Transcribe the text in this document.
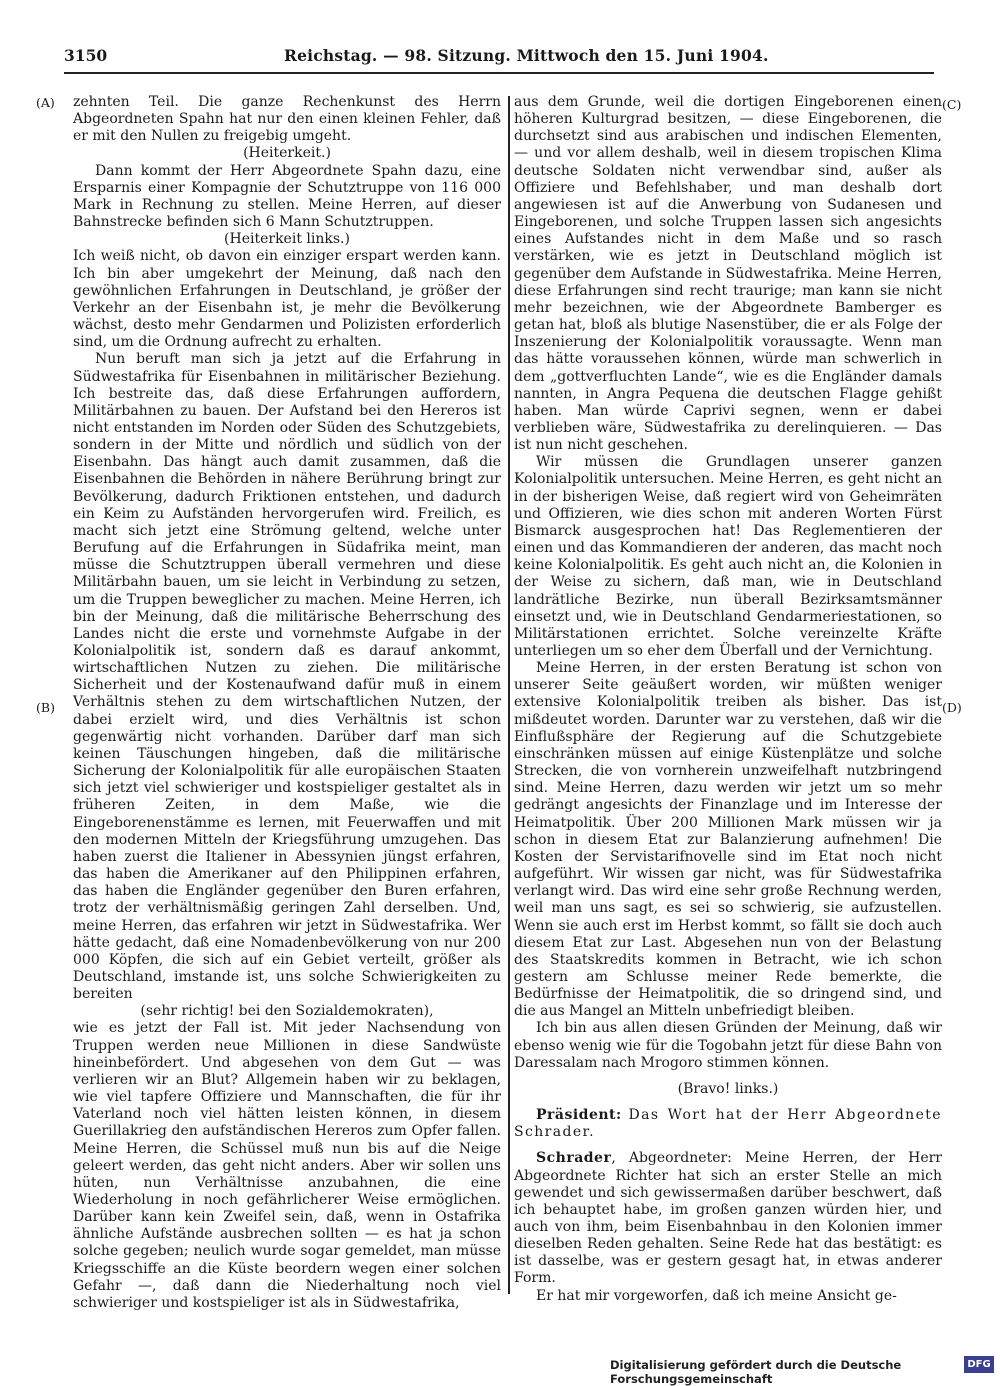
3150	Reichstag. — 98. Sitzung. Mittwoch den 15. Juni 1904.
(A)
(B)
(C)
(D)

zehnten Teil. Die ganze Rechenkunst des Herrn Abgeordneten Spahn hat nur den einen kleinen Fehler, daß er mit den Nullen zu freigebig umgeht.

(Heiterkeit.)

Dann kommt der Herr Abgeordnete Spahn dazu, eine Ersparnis einer Kompagnie der Schutztruppe von 116 000 Mark in Rechnung zu stellen. Meine Herren, auf dieser Bahnstrecke befinden sich 6 Mann Schutztruppen.

(Heiterkeit links.)

Ich weiß nicht, ob davon ein einziger erspart werden kann. Ich bin aber umgekehrt der Meinung, daß nach den gewöhnlichen Erfahrungen in Deutschland, je größer der Verkehr an der Eisenbahn ist, je mehr die Bevölkerung wächst, desto mehr Gendarmen und Polizisten erforderlich sind, um die Ordnung aufrecht zu erhalten.

Nun beruft man sich ja jetzt auf die Erfahrung in Südwestafrika für Eisenbahnen in militärischer Beziehung. Ich bestreite das, daß diese Erfahrungen auffordern, Militärbahnen zu bauen. Der Aufstand bei den Hereros ist nicht entstanden im Norden oder Süden des Schutzgebiets, sondern in der Mitte und nördlich und südlich von der Eisenbahn. Das hängt auch damit zusammen, daß die Eisenbahnen die Behörden in nähere Berührung bringt zur Bevölkerung, dadurch Friktionen entstehen, und dadurch ein Keim zu Aufständen hervorgerufen wird. Freilich, es macht sich jetzt eine Strömung geltend, welche unter Berufung auf die Erfahrungen in Südafrika meint, man müsse die Schutztruppen überall vermehren und diese Militärbahn bauen, um sie leicht in Verbindung zu setzen, um die Truppen beweglicher zu machen. Meine Herren, ich bin der Meinung, daß die militärische Beherrschung des Landes nicht die erste und vornehmste Aufgabe in der Kolonialpolitik ist, sondern daß es darauf ankommt, wirtschaftlichen Nutzen zu ziehen. Die militärische Sicherheit und der Kostenaufwand dafür muß in einem Verhältnis stehen zu dem wirtschaftlichen Nutzen, der dabei erzielt wird, und dies Verhältnis ist schon gegenwärtig nicht vorhanden. Darüber darf man sich keinen Täuschungen hingeben, daß die militärische Sicherung der Kolonialpolitik für alle europäischen Staaten sich jetzt viel schwieriger und kostspieliger gestaltet als in früheren Zeiten, in dem Maße, wie die Eingeborenenstämme es lernen, mit Feuerwaffen und mit den modernen Mitteln der Kriegsführung umzugehen. Das haben zuerst die Italiener in Abessynien jüngst erfahren, das haben die Amerikaner auf den Philippinen erfahren, das haben die Engländer gegenüber den Buren erfahren, trotz der verhältnismäßig geringen Zahl derselben. Und, meine Herren, das erfahren wir jetzt in Südwestafrika. Wer hätte gedacht, daß eine Nomadenbevölkerung von nur 200 000 Köpfen, die sich auf ein Gebiet verteilt, größer als Deutschland, imstande ist, uns solche Schwierigkeiten zu bereiten

(sehr richtig! bei den Sozialdemokraten),

wie es jetzt der Fall ist. Mit jeder Nachsendung von Truppen werden neue Millionen in diese Sandwüste hineinbefördert. Und abgesehen von dem Gut — was verlieren wir an Blut? Allgemein haben wir zu beklagen, wie viel tapfere Offiziere und Mannschaften, die für ihr Vaterland noch viel hätten leisten können, in diesem Guerillakrieg den aufständischen Hereros zum Opfer fallen. Meine Herren, die Schüssel muß nun bis auf die Neige geleert werden, das geht nicht anders. Aber wir sollen uns hüten, nun Verhältnisse anzubahnen, die eine Wiederholung in noch gefährlicherer Weise ermöglichen. Darüber kann kein Zweifel sein, daß, wenn in Ostafrika ähnliche Aufstände ausbrechen sollten — es hat ja schon solche gegeben; neulich wurde sogar gemeldet, man müsse Kriegsschiffe an die Küste beordern wegen einer solchen Gefahr —, daß dann die Niederhaltung noch viel schwieriger und kostspieliger ist als in Südwestafrika,

aus dem Grunde, weil die dortigen Eingeborenen einen höheren Kulturgrad besitzen, — diese Eingeborenen, die durchsetzt sind aus arabischen und indischen Elementen, — und vor allem deshalb, weil in diesem tropischen Klima deutsche Soldaten nicht verwendbar sind, außer als Offiziere und Befehlshaber, und man deshalb dort angewiesen ist auf die Anwerbung von Sudanesen und Eingeborenen, und solche Truppen lassen sich angesichts eines Aufstandes nicht in dem Maße und so rasch verstärken, wie es jetzt in Deutschland möglich ist gegenüber dem Aufstande in Südwestafrika. Meine Herren, diese Erfahrungen sind recht traurige; man kann sie nicht mehr bezeichnen, wie der Abgeordnete Bamberger es getan hat, bloß als blutige Nasenstüber, die er als Folge der Inszenierung der Kolonialpolitik voraussagte. Wenn man das hätte voraussehen können, würde man schwerlich in dem „gottverfluchten Lande“, wie es die Engländer damals nannten, in Angra Pequena die deutschen Flagge gehißt haben. Man würde Caprivi segnen, wenn er dabei verblieben wäre, Südwestafrika zu derelinquieren. — Das ist nun nicht geschehen.

Wir müssen die Grundlagen unserer ganzen Kolonialpolitik untersuchen. Meine Herren, es geht nicht an in der bisherigen Weise, daß regiert wird von Geheimräten und Offizieren, wie dies schon mit anderen Worten Fürst Bismarck ausgesprochen hat! Das Reglementieren der einen und das Kommandieren der anderen, das macht noch keine Kolonialpolitik. Es geht auch nicht an, die Kolonien in der Weise zu sichern, daß man, wie in Deutschland landrätliche Bezirke, nun überall Bezirksamtsmänner einsetzt und, wie in Deutschland Gendarmeriestationen, so Militärstationen errichtet. Solche vereinzelte Kräfte unterliegen um so eher dem Überfall und der Vernichtung.

Meine Herren, in der ersten Beratung ist schon von unserer Seite geäußert worden, wir müßten weniger extensive Kolonialpolitik treiben als bisher. Das ist mißdeutet worden. Darunter war zu verstehen, daß wir die Einflußsphäre der Regierung auf die Schutzgebiete einschränken müssen auf einige Küstenplätze und solche Strecken, die von vornherein unzweifelhaft nutzbringend sind. Meine Herren, dazu werden wir jetzt um so mehr gedrängt angesichts der Finanzlage und im Interesse der Heimatpolitik. Über 200 Millionen Mark müssen wir ja schon in diesem Etat zur Balanzierung aufnehmen! Die Kosten der Servistarifnovelle sind im Etat noch nicht aufgeführt. Wir wissen gar nicht, was für Südwestafrika verlangt wird. Das wird eine sehr große Rechnung werden, weil man uns sagt, es sei so schwierig, sie aufzustellen. Wenn sie auch erst im Herbst kommt, so fällt sie doch auch diesem Etat zur Last. Abgesehen nun von der Belastung des Staatskredits kommen in Betracht, wie ich schon gestern am Schlusse meiner Rede bemerkte, die Bedürfnisse der Heimatpolitik, die so dringend sind, und die aus Mangel an Mitteln unbefriedigt bleiben.

Ich bin aus allen diesen Gründen der Meinung, daß wir ebenso wenig wie für die Togobahn jetzt für diese Bahn von Daressalam nach Mrogoro stimmen können.

(Bravo! links.)

Präsident: Das Wort hat der Herr Abgeordnete Schrader.

Schrader, Abgeordneter: Meine Herren, der Herr Abgeordnete Richter hat sich an erster Stelle an mich gewendet und sich gewissermaßen darüber beschwert, daß ich behauptet habe, im großen ganzen würden hier, und auch von ihm, beim Eisenbahnbau in den Kolonien immer dieselben Reden gehalten. Seine Rede hat das bestätigt: es ist dasselbe, was er gestern gesagt hat, in etwas anderer Form.

Er hat mir vorgeworfen, daß ich meine Ansicht ge-

Digitalisierung gefördert durch die Deutsche Forschungsgemeinschaft
DFG
